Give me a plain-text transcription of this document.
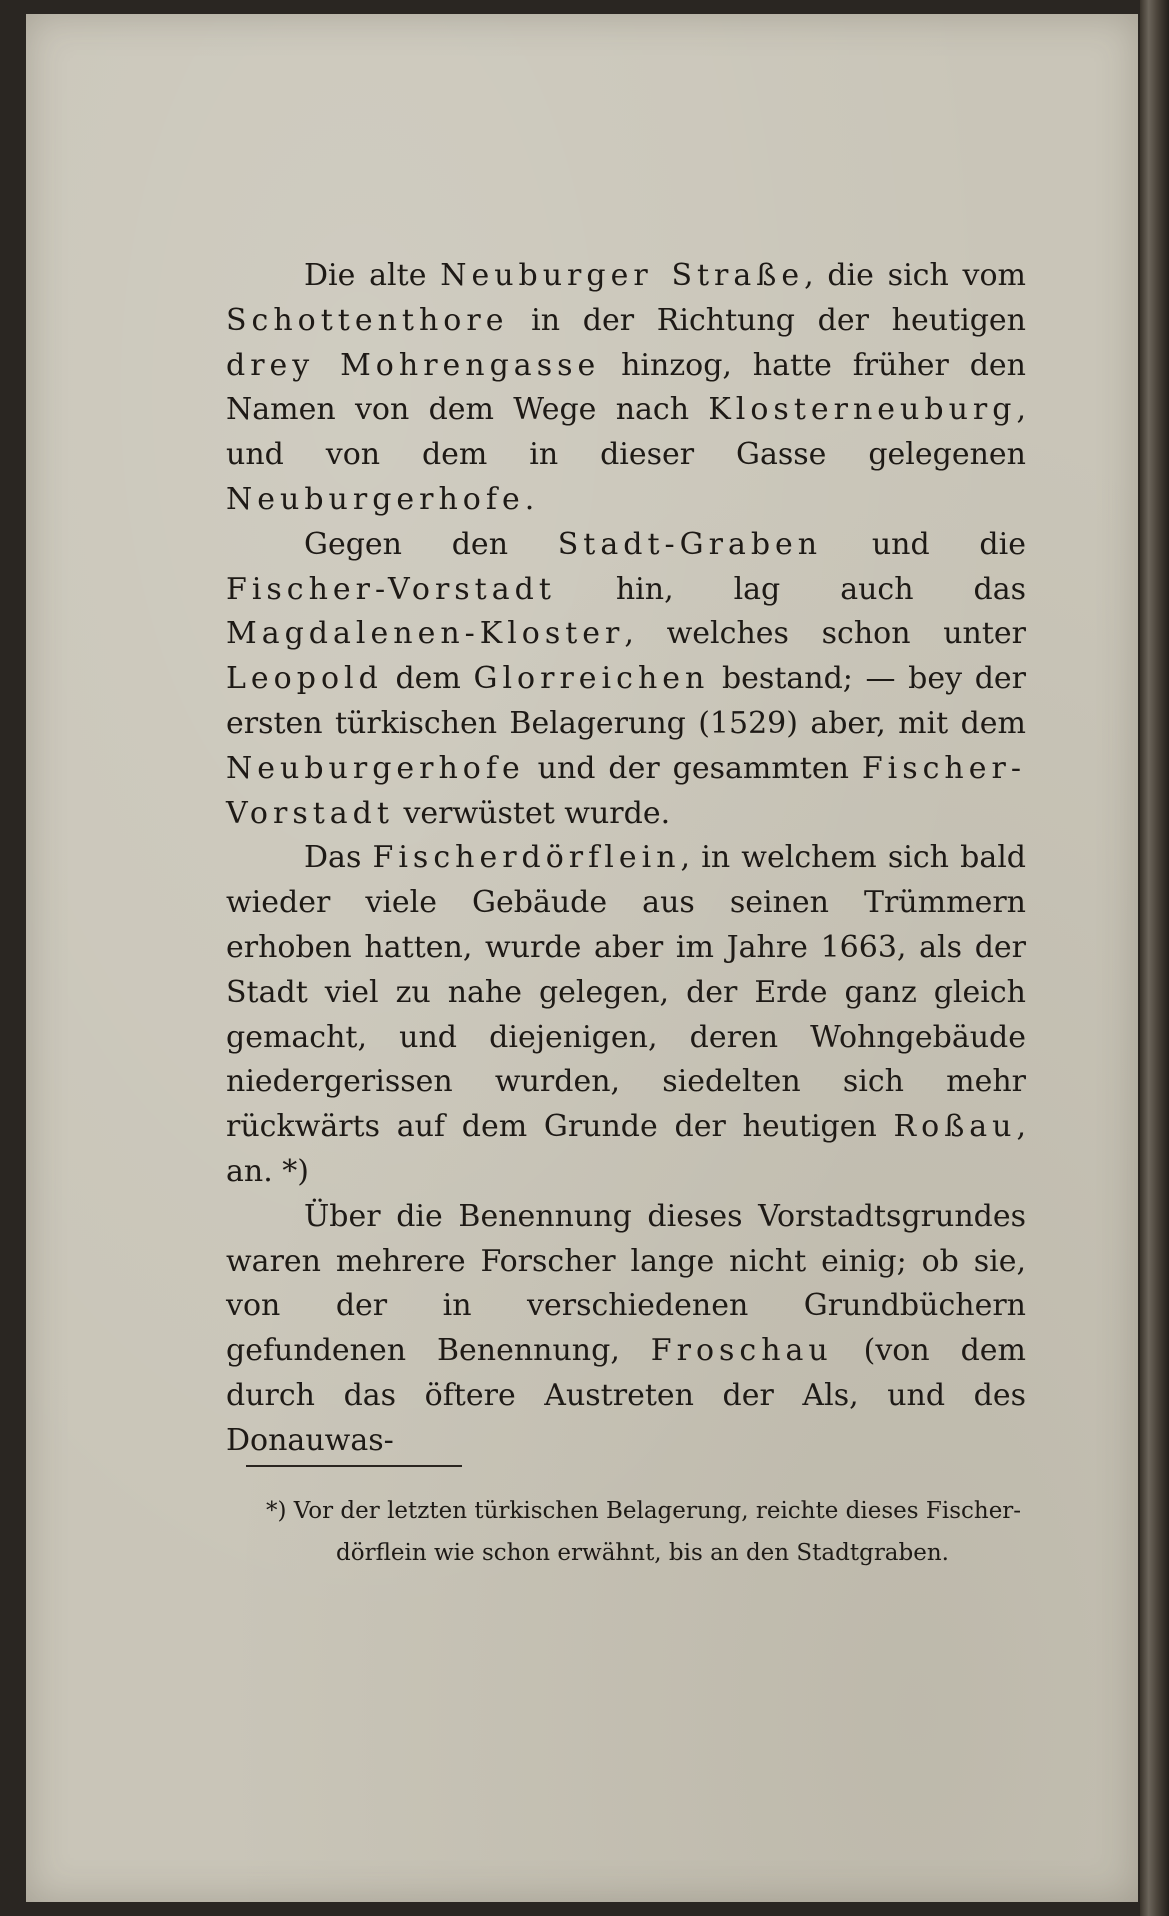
Die alte Neuburger Straße, die sich vom Schottenthore in der Richtung der heutigen drey Mohrengasse hinzog, hatte früher den Namen von dem Wege nach Klosterneuburg, und von dem in dieser Gasse gelegenen Neuburgerhofe.

Gegen den Stadt-Graben und die Fischer-Vorstadt hin, lag auch das Magdalenen-Kloster, welches schon unter Leopold dem Glorreichen bestand; — bey der ersten türkischen Belagerung (1529) aber, mit dem Neuburgerhofe und der gesammten Fischer-Vorstadt verwüstet wurde.

Das Fischerdörflein, in welchem sich bald wieder viele Gebäude aus seinen Trümmern erhoben hatten, wurde aber im Jahre 1663, als der Stadt viel zu nahe gelegen, der Erde ganz gleich gemacht, und diejenigen, deren Wohngebäude niedergerissen wurden, siedelten sich mehr rückwärts auf dem Grunde der heutigen Roßau, an. *)

Über die Benennung dieses Vorstadtsgrundes waren mehrere Forscher lange nicht einig; ob sie, von der in verschiedenen Grundbüchern gefundenen Benennung, Froschau (von dem durch das öftere Austreten der Als, und des Donauwas-

*) Vor der letzten türkischen Belagerung, reichte dieses Fischer-
dörflein wie schon erwähnt, bis an den Stadtgraben.
